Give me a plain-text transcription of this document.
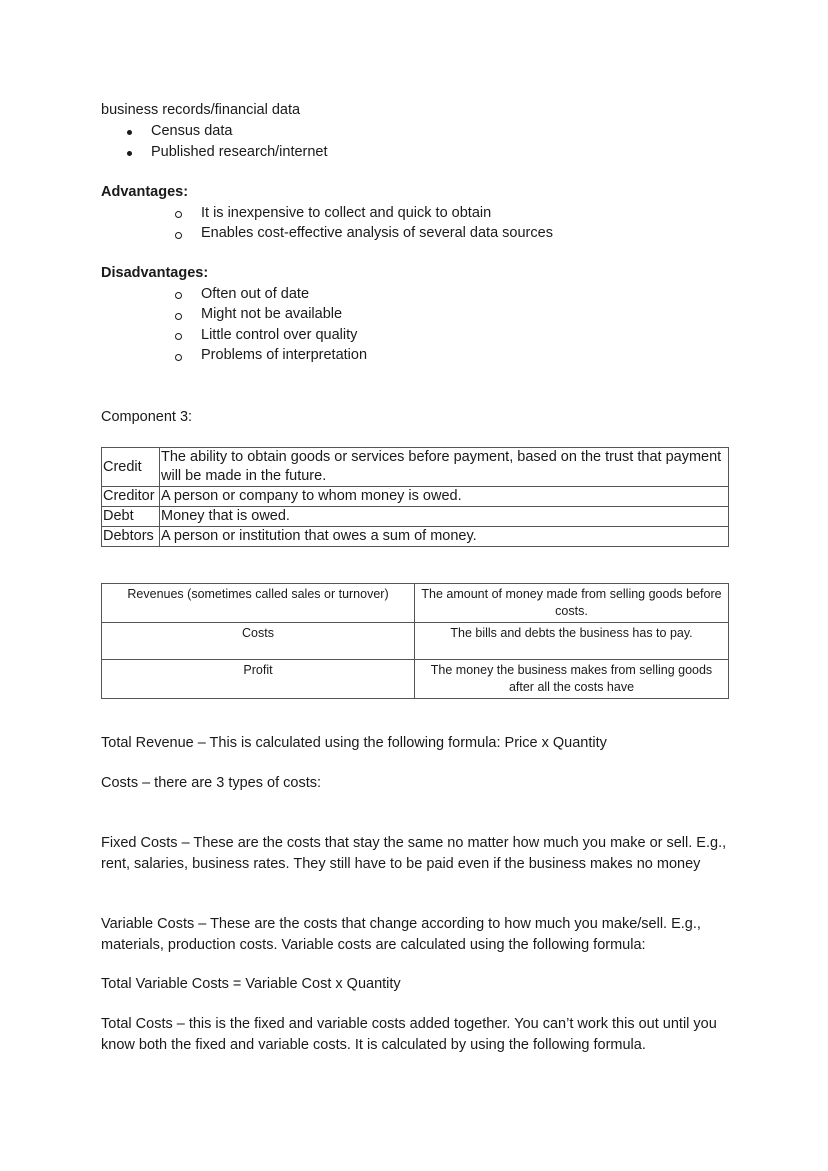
business records/financial data
Census data
Published research/internet
Advantages:
It is inexpensive to collect and quick to obtain
Enables cost-effective analysis of several data sources
Disadvantages:
Often out of date
Might not be available
Little control over quality
Problems of interpretation
Component 3:
Credit	The ability to obtain goods or services before payment, based on the trust that payment will be made in the future.
Creditor	A person or company to whom money is owed.
Debt	Money that is owed.
Debtors	A person or institution that owes a sum of money.
Revenues (sometimes called sales or turnover)	The amount of money made from selling goods before costs.
Costs	The bills and debts the business has to pay.
Profit	The money the business makes from selling goods after all the costs have
Total Revenue – This is calculated using the following formula: Price x Quantity
Costs – there are 3 types of costs:
Fixed Costs – These are the costs that stay the same no matter how much you make or sell. E.g., rent, salaries, business rates. They still have to be paid even if the business makes no money
Variable Costs – These are the costs that change according to how much you make/sell. E.g., materials, production costs. Variable costs are calculated using the following formula:
Total Variable Costs = Variable Cost x Quantity
Total Costs – this is the fixed and variable costs added together. You can’t work this out until you know both the fixed and variable costs. It is calculated by using the following formula.
